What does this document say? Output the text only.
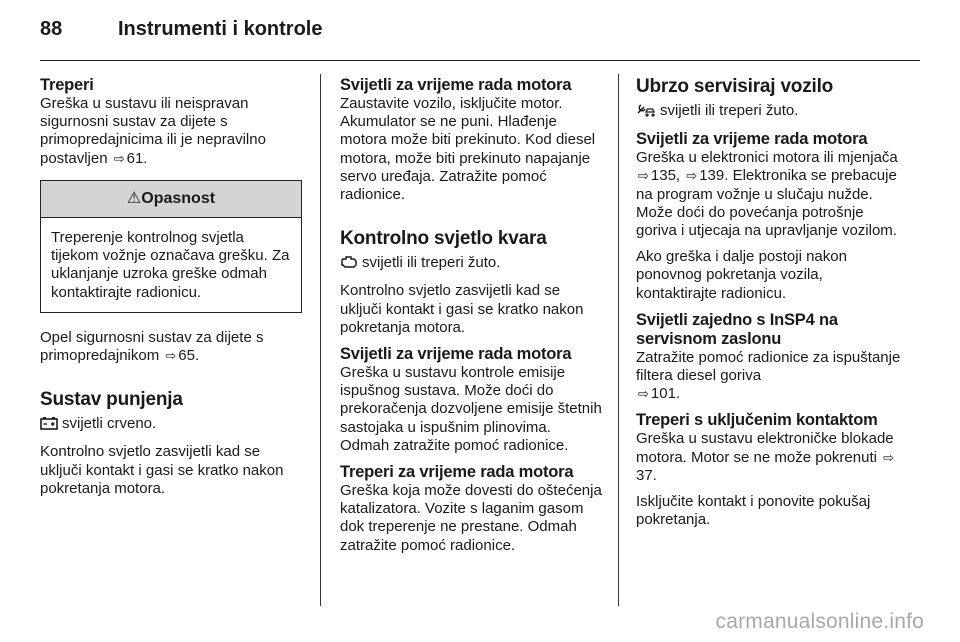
88	Instrumenti i kontrole
Treperi

Greška u sustavu ili neispravan sigurnosni sustav za dijete s primopredajnicima ili je nepravilno postavljen ⇨ 61.

⚠Opasnost
Treperenje kontrolnog svjetla tijekom vožnje označava grešku. Za uklanjanje uzroka greške odmah kontaktirajte radionicu.

Opel sigurnosni sustav za dijete s primopredajnikom ⇨ 65.

Sustav punjenja

svijetli crveno.

Kontrolno svjetlo zasvijetli kad se uključi kontakt i gasi se kratko nakon pokretanja motora.

Svijetli za vrijeme rada motora

Zaustavite vozilo, isključite motor. Akumulator se ne puni. Hlađenje motora može biti prekinuto. Kod diesel motora, može biti prekinuto napajanje servo uređaja. Zatražite pomoć radionice.

Kontrolno svjetlo kvara

svijetli ili treperi žuto.

Kontrolno svjetlo zasvijetli kad se uključi kontakt i gasi se kratko nakon pokretanja motora.

Svijetli za vrijeme rada motora

Greška u sustavu kontrole emisije ispušnog sustava. Može doći do prekoračenja dozvoljene emisije štetnih sastojaka u ispušnim plinovima. Odmah zatražite pomoć radionice.

Treperi za vrijeme rada motora

Greška koja može dovesti do oštećenja katalizatora. Vozite s laganim gasom dok treperenje ne prestane. Odmah zatražite pomoć radionice.

Ubrzo servisiraj vozilo

svijetli ili treperi žuto.

Svijetli za vrijeme rada motora

Greška u elektronici motora ili mjenjača ⇨ 135, ⇨ 139. Elektronika se prebacuje na program vožnje u slučaju nužde. Može doći do povećanja potrošnje goriva i utjecaja na upravljanje vozilom.

Ako greška i dalje postoji nakon ponovnog pokretanja vozila, kontaktirajte radionicu.

Svijetli zajedno s InSP4 na servisnom zaslonu

Zatražite pomoć radionice za ispuštanje filtera diesel goriva
⇨ 101.

Treperi s uključenim kontaktom

Greška u sustavu elektroničke blokade motora. Motor se ne može pokrenuti ⇨37.

Isključite kontakt i ponovite pokušaj pokretanja.

carmanualsonline.info
